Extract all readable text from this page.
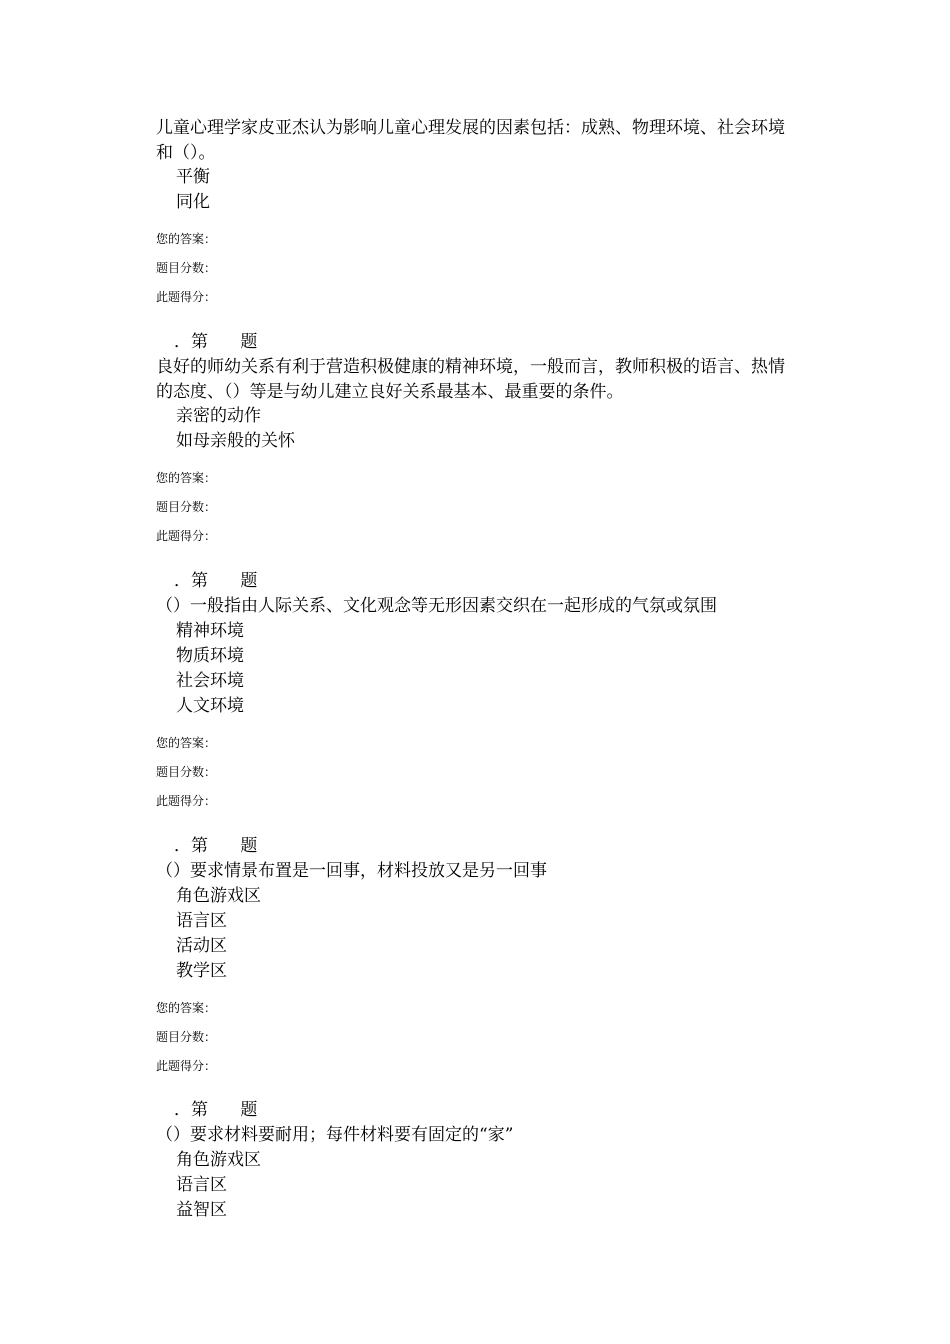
儿童心理学家皮亚杰认为影响儿童心理发展的因素包括：成熟、物理环境、社会环境和（）。
平衡
同化
您的答案：
题目分数：
此题得分：
．第      题
良好的师幼关系有利于营造积极健康的精神环境，一般而言，教师积极的语言、热情的态度、（）等是与幼儿建立良好关系最基本、最重要的条件。
亲密的动作
如母亲般的关怀
您的答案：
题目分数：
此题得分：
．第      题
（）一般指由人际关系、文化观念等无形因素交织在一起形成的气氛或氛围
精神环境
物质环境
社会环境
人文环境
您的答案：
题目分数：
此题得分：
．第      题
（）要求情景布置是一回事，材料投放又是另一回事
角色游戏区
语言区
活动区
教学区
您的答案：
题目分数：
此题得分：
．第      题
（）要求材料要耐用；每件材料要有固定的“家”
角色游戏区
语言区
益智区
